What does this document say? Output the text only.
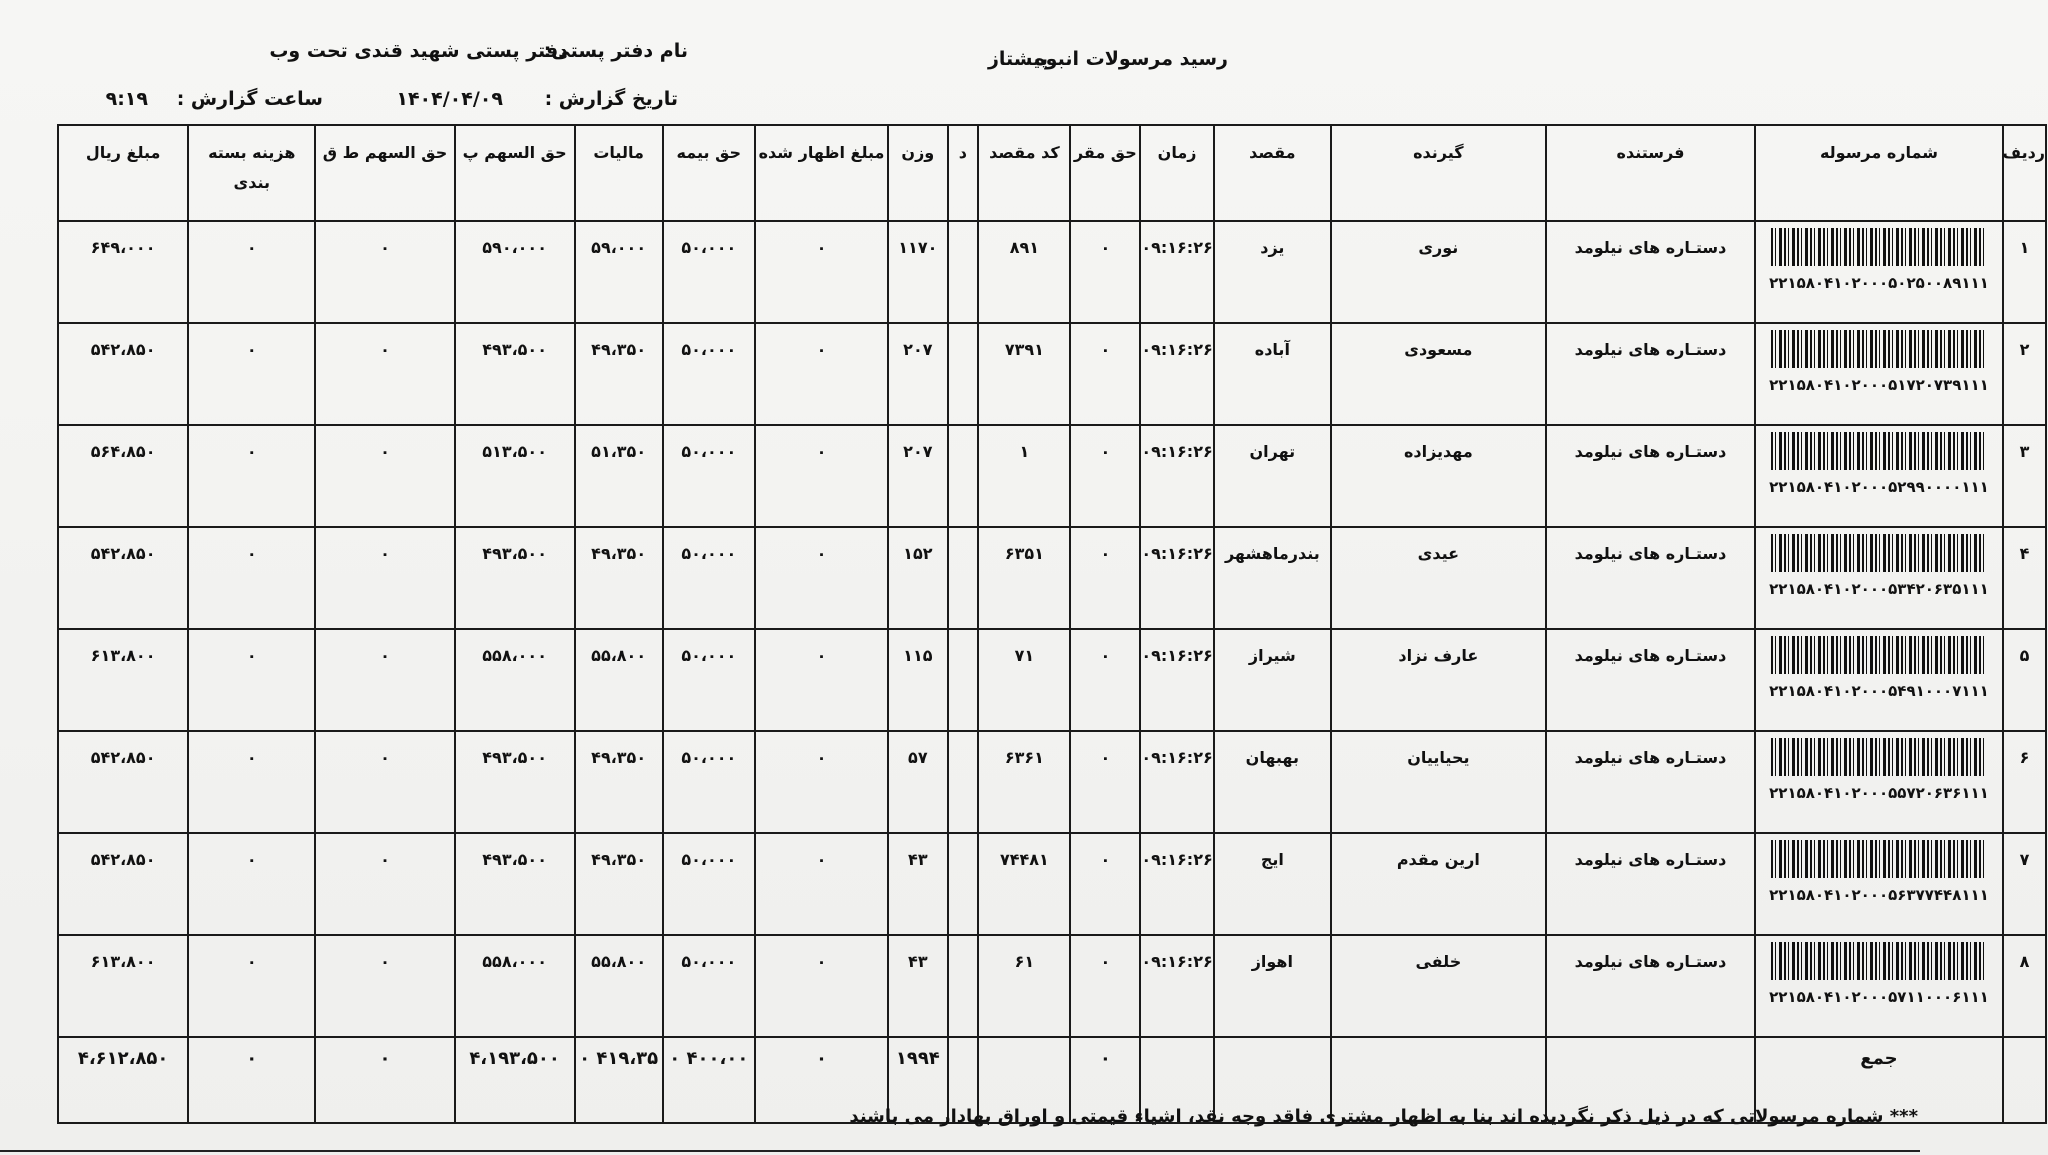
نام دفتر پستی:
دفتر پستی شهید قندی تحت وب	رسید مرسولات انبوه
پیشتاز
تاریخ گزارش :
۱۴۰۴/۰۴/۰۹
ساعت گزارش :
۹:۱۹
ردیف	شماره مرسوله	فرستنده	گیرنده	مقصد	زمان	حق مقر	کد مقصد	د	وزن	مبلغ اظهار شده	حق بیمه	مالیات	حق السهم پ	حق السهم ط ق	هزینه بسته بندی	مبلغ ریال
۱	۲۲۱۵۸۰۴۱۰۲۰۰۰۵۰۲۵۰۰۸۹۱۱۱	دستـاره های نیلومد	نوری	یزد	۰۹:۱۶:۲۶	۰	۸۹۱		۱۱۷۰	۰	۵۰،۰۰۰	۵۹،۰۰۰	۵۹۰،۰۰۰	۰	۰	۶۴۹،۰۰۰
۲	۲۲۱۵۸۰۴۱۰۲۰۰۰۵۱۷۲۰۷۳۹۱۱۱	دستـاره های نیلومد	مسعودی	آباده	۰۹:۱۶:۲۶	۰	۷۳۹۱		۲۰۷	۰	۵۰،۰۰۰	۴۹،۳۵۰	۴۹۳،۵۰۰	۰	۰	۵۴۲،۸۵۰
۳	۲۲۱۵۸۰۴۱۰۲۰۰۰۵۲۹۹۰۰۰۰۱۱۱	دستـاره های نیلومد	مهدیزاده	تهران	۰۹:۱۶:۲۶	۰	۱		۲۰۷	۰	۵۰،۰۰۰	۵۱،۳۵۰	۵۱۳،۵۰۰	۰	۰	۵۶۴،۸۵۰
۴	۲۲۱۵۸۰۴۱۰۲۰۰۰۵۳۴۲۰۶۳۵۱۱۱	دستـاره های نیلومد	عیدی	بندرماهشهر	۰۹:۱۶:۲۶	۰	۶۳۵۱		۱۵۲	۰	۵۰،۰۰۰	۴۹،۳۵۰	۴۹۳،۵۰۰	۰	۰	۵۴۲،۸۵۰
۵	۲۲۱۵۸۰۴۱۰۲۰۰۰۵۴۹۱۰۰۰۷۱۱۱	دستـاره های نیلومد	عارف نزاد	شیراز	۰۹:۱۶:۲۶	۰	۷۱		۱۱۵	۰	۵۰،۰۰۰	۵۵،۸۰۰	۵۵۸،۰۰۰	۰	۰	۶۱۳،۸۰۰
۶	۲۲۱۵۸۰۴۱۰۲۰۰۰۵۵۷۲۰۶۳۶۱۱۱	دستـاره های نیلومد	یحیاییان	بهبهان	۰۹:۱۶:۲۶	۰	۶۳۶۱		۵۷	۰	۵۰،۰۰۰	۴۹،۳۵۰	۴۹۳،۵۰۰	۰	۰	۵۴۲،۸۵۰
۷	۲۲۱۵۸۰۴۱۰۲۰۰۰۵۶۳۷۷۴۴۸۱۱۱	دستـاره های نیلومد	ارین مقدم	ایج	۰۹:۱۶:۲۶	۰	۷۴۴۸۱		۴۳	۰	۵۰،۰۰۰	۴۹،۳۵۰	۴۹۳،۵۰۰	۰	۰	۵۴۲،۸۵۰
۸	۲۲۱۵۸۰۴۱۰۲۰۰۰۵۷۱۱۰۰۰۶۱۱۱	دستـاره های نیلومد	خلفی	اهواز	۰۹:۱۶:۲۶	۰	۶۱		۴۳	۰	۵۰،۰۰۰	۵۵،۸۰۰	۵۵۸،۰۰۰	۰	۰	۶۱۳،۸۰۰
	جمع					۰			۱۹۹۴	۰	۴۰۰،۰۰ ۰	۴۱۹،۳۵ ۰	۴،۱۹۳،۵۰۰	۰	۰	۴،۶۱۲،۸۵۰
*** شماره مرسولاتی که در ذیل ذکر نگردیده اند بنا به اظهار مشتری فاقد وجه نقد، اشیاء قیمتی و اوراق بهادار می باشند
